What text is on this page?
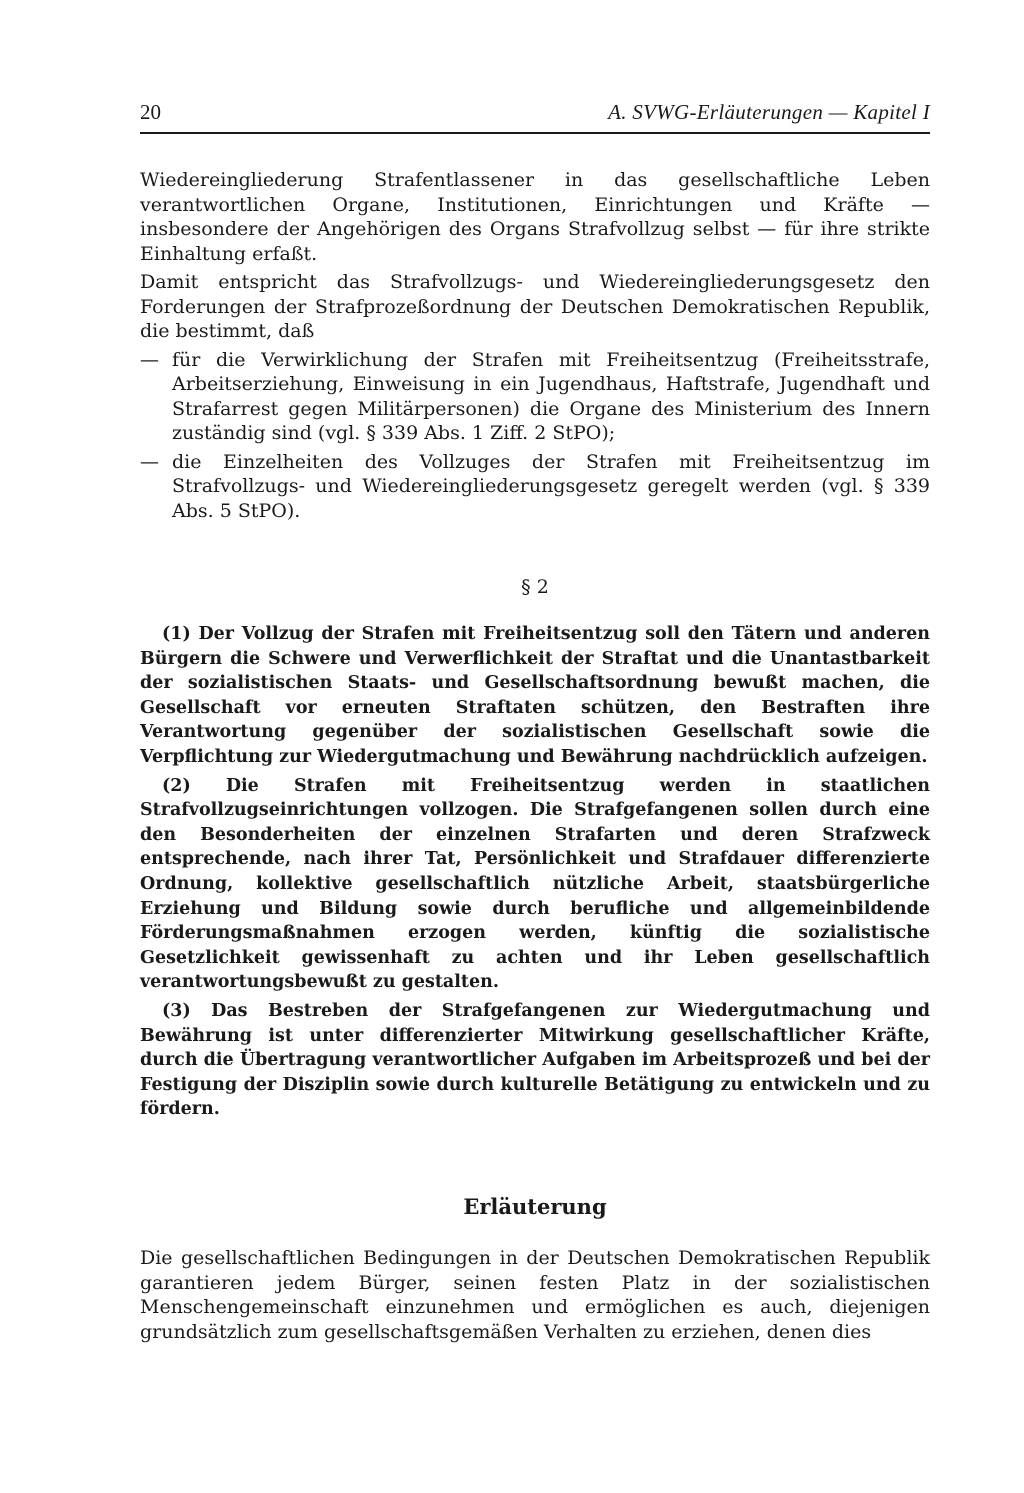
20	A. SVWG-Erläuterungen — Kapitel I

Wiedereingliederung Strafentlassener in das gesellschaftliche Leben verantwortlichen Organe, Institutionen, Einrichtungen und Kräfte — insbesondere der Angehörigen des Organs Strafvollzug selbst — für ihre strikte Einhaltung erfaßt.

Damit entspricht das Strafvollzugs- und Wiedereingliederungsgesetz den Forderungen der Strafprozeßordnung der Deutschen Demokratischen Republik, die bestimmt, daß

— für die Verwirklichung der Strafen mit Freiheitsentzug (Freiheitsstrafe, Arbeitserziehung, Einweisung in ein Jugendhaus, Haftstrafe, Jugendhaft und Strafarrest gegen Militärpersonen) die Organe des Ministerium des Innern zuständig sind (vgl. § 339 Abs. 1 Ziff. 2 StPO);
— die Einzelheiten des Vollzuges der Strafen mit Freiheitsentzug im Strafvollzugs- und Wiedereingliederungsgesetz geregelt werden (vgl. § 339 Abs. 5 StPO).
§ 2

(1) Der Vollzug der Strafen mit Freiheitsentzug soll den Tätern und anderen Bürgern die Schwere und Verwerflichkeit der Straftat und die Unantastbarkeit der sozialistischen Staats- und Gesellschaftsordnung bewußt machen, die Gesellschaft vor erneuten Straftaten schützen, den Bestraften ihre Verantwortung gegenüber der sozialistischen Gesellschaft sowie die Verpflichtung zur Wiedergutmachung und Bewährung nachdrücklich aufzeigen.

(2) Die Strafen mit Freiheitsentzug werden in staatlichen Strafvollzugseinrichtungen vollzogen. Die Strafgefangenen sollen durch eine den Besonderheiten der einzelnen Strafarten und deren Strafzweck entsprechende, nach ihrer Tat, Persönlichkeit und Strafdauer differenzierte Ordnung, kollektive gesellschaftlich nützliche Arbeit, staatsbürgerliche Erziehung und Bildung sowie durch berufliche und allgemeinbildende Förderungsmaßnahmen erzogen werden, künftig die sozialistische Gesetzlichkeit gewissenhaft zu achten und ihr Leben gesellschaftlich verantwortungsbewußt zu gestalten.

(3) Das Bestreben der Strafgefangenen zur Wiedergutmachung und Bewährung ist unter differenzierter Mitwirkung gesellschaftlicher Kräfte, durch die Übertragung verantwortlicher Aufgaben im Arbeitsprozeß und bei der Festigung der Disziplin sowie durch kulturelle Betätigung zu entwickeln und zu fördern.

Erläuterung

Die gesellschaftlichen Bedingungen in der Deutschen Demokratischen Republik garantieren jedem Bürger, seinen festen Platz in der sozialistischen Menschengemeinschaft einzunehmen und ermöglichen es auch, diejenigen grundsätzlich zum gesellschaftsgemäßen Verhalten zu erziehen, denen dies
